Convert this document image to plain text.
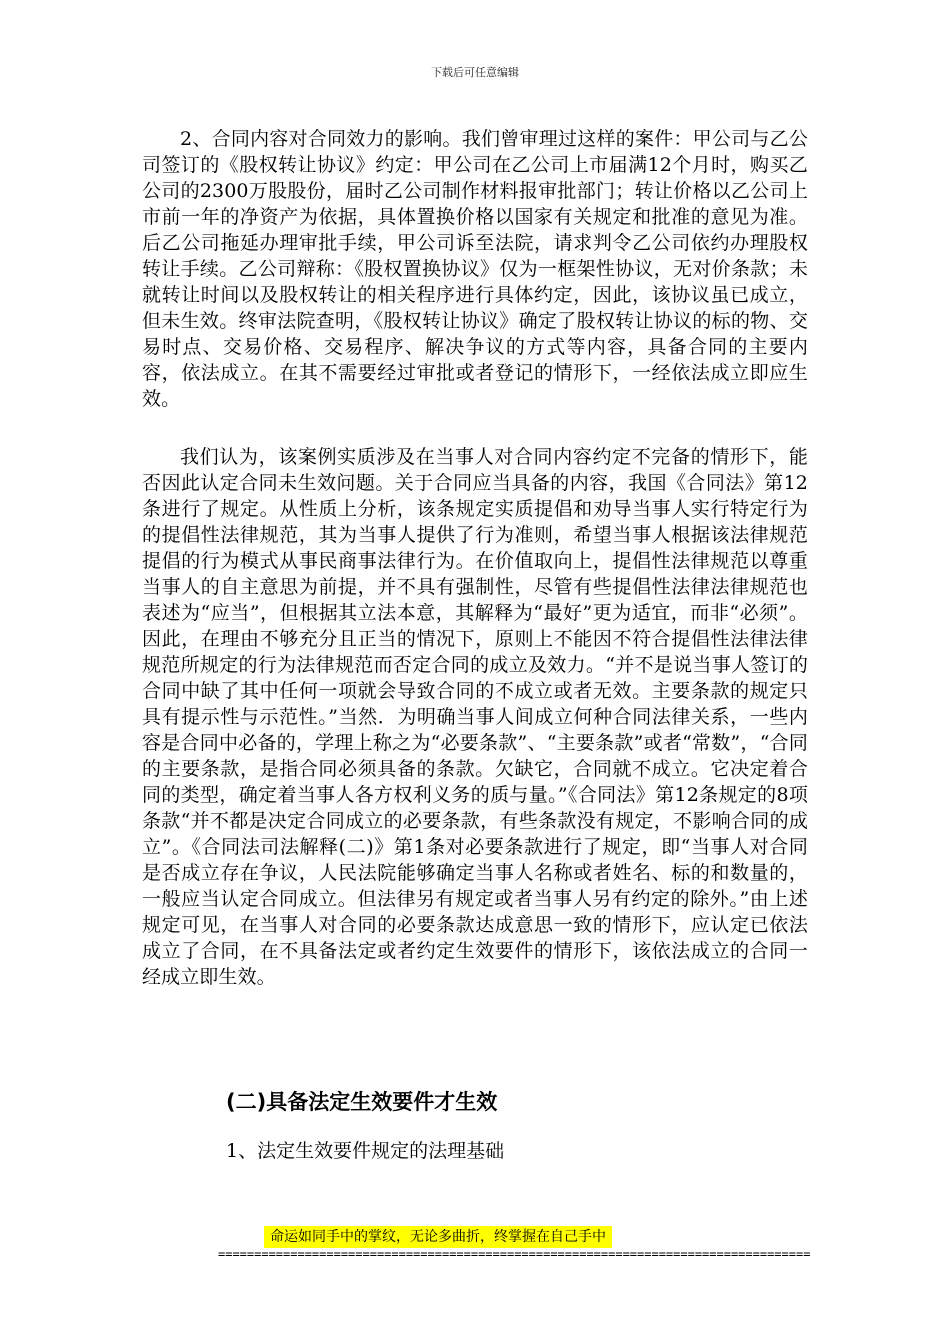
下载后可任意编辑

2、合同内容对合同效力的影响。我们曾审理过这样的案件：甲公司与乙公司签订的《股权转让协议》约定：甲公司在乙公司上市届满12个月时，购买乙公司的2300万股股份，届时乙公司制作材料报审批部门；转让价格以乙公司上市前一年的净资产为依据，具体置换价格以国家有关规定和批准的意见为准。后乙公司拖延办理审批手续，甲公司诉至法院，请求判令乙公司依约办理股权转让手续。乙公司辩称：《股权置换协议》仅为一框架性协议，无对价条款；未就转让时间以及股权转让的相关程序进行具体约定，因此，该协议虽已成立，但未生效。终审法院查明，《股权转让协议》确定了股权转让协议的标的物、交易时点、交易价格、交易程序、解决争议的方式等内容，具备合同的主要内容，依法成立。在其不需要经过审批或者登记的情形下，一经依法成立即应生效。

我们认为，该案例实质涉及在当事人对合同内容约定不完备的情形下，能否因此认定合同未生效问题。关于合同应当具备的内容，我国《合同法》第12条进行了规定。从性质上分析，该条规定实质提倡和劝导当事人实行特定行为的提倡性法律规范，其为当事人提供了行为准则，希望当事人根据该法律规范提倡的行为模式从事民商事法律行为。在价值取向上，提倡性法律规范以尊重当事人的自主意思为前提，并不具有强制性，尽管有些提倡性法律法律规范也表述为“应当”，但根据其立法本意，其解释为“最好”更为适宜，而非“必须”。因此，在理由不够充分且正当的情况下，原则上不能因不符合提倡性法律法律规范所规定的行为法律规范而否定合同的成立及效力。“并不是说当事人签订的合同中缺了其中任何一项就会导致合同的不成立或者无效。主要条款的规定只具有提示性与示范性。”当然．为明确当事人间成立何种合同法律关系，一些内容是合同中必备的，学理上称之为“必要条款”、“主要条款”或者“常数”，“合同的主要条款，是指合同必须具备的条款。欠缺它，合同就不成立。它决定着合同的类型，确定着当事人各方权利义务的质与量。”《合同法》第12条规定的8项条款“并不都是决定合同成立的必要条款，有些条款没有规定，不影响合同的成立”。《合同法司法解释(二)》第1条对必要条款进行了规定，即“当事人对合同是否成立存在争议，人民法院能够确定当事人名称或者姓名、标的和数量的，一般应当认定合同成立。但法律另有规定或者当事人另有约定的除外。”由上述规定可见，在当事人对合同的必要条款达成意思一致的情形下，应认定已依法成立了合同，在不具备法定或者约定生效要件的情形下，该依法成立的合同一经成立即生效。

(二)具备法定生效要件才生效

1、法定生效要件规定的法理基础

命运如同手中的掌纹，无论多曲折，终掌握在自己手中
==================================================================================
